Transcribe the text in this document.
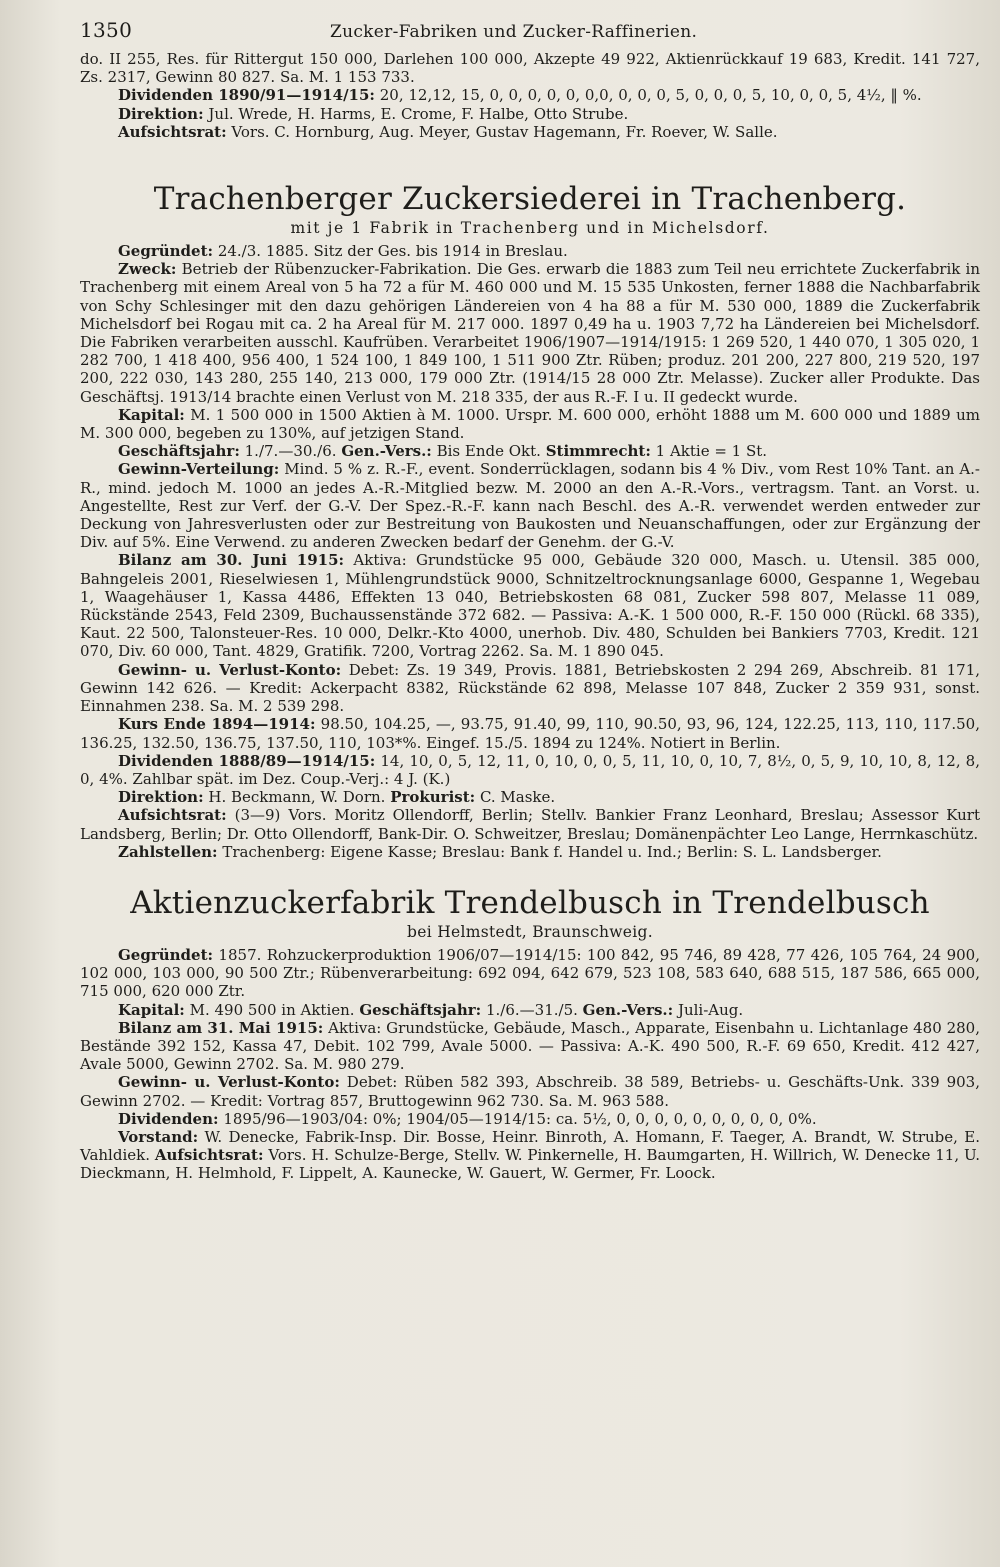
1350	Zucker-Fabriken und Zucker-Raffinerien.

do. II 255, Res. für Rittergut 150 000, Darlehen 100 000, Akzepte 49 922, Aktienrückkauf 19 683, Kredit. 141 727, Zs. 2317, Gewinn 80 827. Sa. M. 1 153 733.

Dividenden 1890/91—1914/15: 20, 12,12, 15, 0, 0, 0, 0, 0, 0,0, 0, 0, 0, 5, 0, 0, 0, 5, 10, 0, 0, 5, 4½, ‖ %.

Direktion: Jul. Wrede, H. Harms, E. Crome, F. Halbe, Otto Strube.

Aufsichtsrat: Vors. C. Hornburg, Aug. Meyer, Gustav Hagemann, Fr. Roever, W. Salle.

Trachenberger Zuckersiederei in Trachenberg.
mit je 1 Fabrik in Trachenberg und in Michelsdorf.

Gegründet: 24./3. 1885. Sitz der Ges. bis 1914 in Breslau.

Zweck: Betrieb der Rübenzucker-Fabrikation. Die Ges. erwarb die 1883 zum Teil neu errichtete Zuckerfabrik in Trachenberg mit einem Areal von 5 ha 72 a für M. 460 000 und M. 15 535 Unkosten, ferner 1888 die Nachbarfabrik von Schy Schlesinger mit den dazu gehörigen Ländereien von 4 ha 88 a für M. 530 000, 1889 die Zuckerfabrik Michelsdorf bei Rogau mit ca. 2 ha Areal für M. 217 000. 1897 0,49 ha u. 1903 7,72 ha Ländereien bei Michelsdorf. Die Fabriken verarbeiten ausschl. Kaufrüben. Verarbeitet 1906/1907—1914/1915: 1 269 520, 1 440 070, 1 305 020, 1 282 700, 1 418 400, 956 400, 1 524 100, 1 849 100, 1 511 900 Ztr. Rüben; produz. 201 200, 227 800, 219 520, 197 200, 222 030, 143 280, 255 140, 213 000, 179 000 Ztr. (1914/15 28 000 Ztr. Melasse). Zucker aller Produkte. Das Geschäftsj. 1913/14 brachte einen Verlust von M. 218 335, der aus R.-F. I u. II gedeckt wurde.

Kapital: M. 1 500 000 in 1500 Aktien à M. 1000. Urspr. M. 600 000, erhöht 1888 um M. 600 000 und 1889 um M. 300 000, begeben zu 130%, auf jetzigen Stand.

Geschäftsjahr: 1./7.—30./6. Gen.-Vers.: Bis Ende Okt. Stimmrecht: 1 Aktie = 1 St.

Gewinn-Verteilung: Mind. 5 % z. R.-F., event. Sonderrücklagen, sodann bis 4 % Div., vom Rest 10% Tant. an A.-R., mind. jedoch M. 1000 an jedes A.-R.-Mitglied bezw. M. 2000 an den A.-R.-Vors., vertragsm. Tant. an Vorst. u. Angestellte, Rest zur Verf. der G.-V. Der Spez.-R.-F. kann nach Beschl. des A.-R. verwendet werden entweder zur Deckung von Jahresverlusten oder zur Bestreitung von Baukosten und Neuanschaffungen, oder zur Ergänzung der Div. auf 5%. Eine Verwend. zu anderen Zwecken bedarf der Genehm. der G.-V.

Bilanz am 30. Juni 1915: Aktiva: Grundstücke 95 000, Gebäude 320 000, Masch. u. Utensil. 385 000, Bahngeleis 2001, Rieselwiesen 1, Mühlengrundstück 9000, Schnitzeltrocknungsanlage 6000, Gespanne 1, Wegebau 1, Waagehäuser 1, Kassa 4486, Effekten 13 040, Betriebskosten 68 081, Zucker 598 807, Melasse 11 089, Rückstände 2543, Feld 2309, Buchaussenstände 372 682. — Passiva: A.-K. 1 500 000, R.-F. 150 000 (Rückl. 68 335), Kaut. 22 500, Talonsteuer-Res. 10 000, Delkr.-Kto 4000, unerhob. Div. 480, Schulden bei Bankiers 7703, Kredit. 121 070, Div. 60 000, Tant. 4829, Gratifik. 7200, Vortrag 2262. Sa. M. 1 890 045.

Gewinn- u. Verlust-Konto: Debet: Zs. 19 349, Provis. 1881, Betriebskosten 2 294 269, Abschreib. 81 171, Gewinn 142 626. — Kredit: Ackerpacht 8382, Rückstände 62 898, Melasse 107 848, Zucker 2 359 931, sonst. Einnahmen 238. Sa. M. 2 539 298.

Kurs Ende 1894—1914: 98.50, 104.25, —, 93.75, 91.40, 99, 110, 90.50, 93, 96, 124, 122.25, 113, 110, 117.50, 136.25, 132.50, 136.75, 137.50, 110, 103*%. Eingef. 15./5. 1894 zu 124%. Notiert in Berlin.

Dividenden 1888/89—1914/15: 14, 10, 0, 5, 12, 11, 0, 10, 0, 0, 5, 11, 10, 0, 10, 7, 8½, 0, 5, 9, 10, 10, 8, 12, 8, 0, 4%. Zahlbar spät. im Dez. Coup.-Verj.: 4 J. (K.)

Direktion: H. Beckmann, W. Dorn. Prokurist: C. Maske.

Aufsichtsrat: (3—9) Vors. Moritz Ollendorff, Berlin; Stellv. Bankier Franz Leonhard, Breslau; Assessor Kurt Landsberg, Berlin; Dr. Otto Ollendorff, Bank-Dir. O. Schweitzer, Breslau; Domänenpächter Leo Lange, Herrnkaschütz.

Zahlstellen: Trachenberg: Eigene Kasse; Breslau: Bank f. Handel u. Ind.; Berlin: S. L. Landsberger.

Aktienzuckerfabrik Trendelbusch in Trendelbusch
bei Helmstedt, Braunschweig.

Gegründet: 1857. Rohzuckerproduktion 1906/07—1914/15: 100 842, 95 746, 89 428, 77 426, 105 764, 24 900, 102 000, 103 000, 90 500 Ztr.; Rübenverarbeitung: 692 094, 642 679, 523 108, 583 640, 688 515, 187 586, 665 000, 715 000, 620 000 Ztr.

Kapital: M. 490 500 in Aktien. Geschäftsjahr: 1./6.—31./5. Gen.-Vers.: Juli-Aug.

Bilanz am 31. Mai 1915: Aktiva: Grundstücke, Gebäude, Masch., Apparate, Eisenbahn u. Lichtanlage 480 280, Bestände 392 152, Kassa 47, Debit. 102 799, Avale 5000. — Passiva: A.-K. 490 500, R.-F. 69 650, Kredit. 412 427, Avale 5000, Gewinn 2702. Sa. M. 980 279.

Gewinn- u. Verlust-Konto: Debet: Rüben 582 393, Abschreib. 38 589, Betriebs- u. Geschäfts-Unk. 339 903, Gewinn 2702. — Kredit: Vortrag 857, Bruttogewinn 962 730. Sa. M. 963 588.

Dividenden: 1895/96—1903/04: 0%; 1904/05—1914/15: ca. 5½, 0, 0, 0, 0, 0, 0, 0, 0, 0, 0%.

Vorstand: W. Denecke, Fabrik-Insp. Dir. Bosse, Heinr. Binroth, A. Homann, F. Taeger, A. Brandt, W. Strube, E. Vahldiek. Aufsichtsrat: Vors. H. Schulze-Berge, Stellv. W. Pinkernelle, H. Baumgarten, H. Willrich, W. Denecke 11, U. Dieckmann, H. Helmhold, F. Lippelt, A. Kaunecke, W. Gauert, W. Germer, Fr. Loock.
